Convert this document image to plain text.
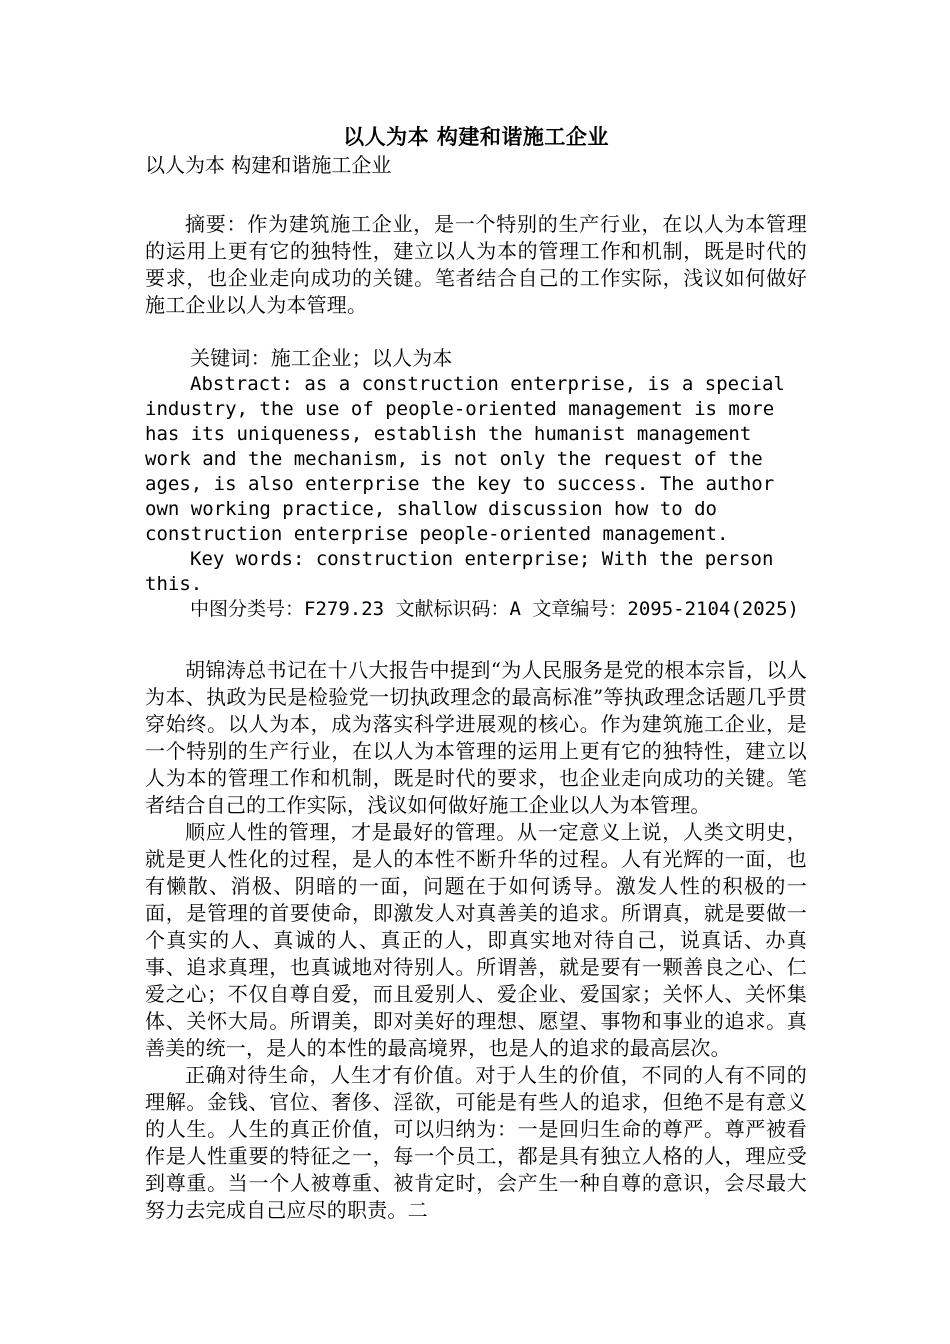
以人为本 构建和谐施工企业

以人为本 构建和谐施工企业

摘要：作为建筑施工企业，是一个特别的生产行业，在以人为本管理的运用上更有它的独特性，建立以人为本的管理工作和机制，既是时代的要求，也企业走向成功的关键。笔者结合自己的工作实际，浅议如何做好施工企业以人为本管理。

关键词：施工企业；以人为本

Abstract: as a construction enterprise, is a special industry, the use of people-oriented management is more has its uniqueness, establish the humanist management work and the mechanism, is not only the request of the ages, is also enterprise the key to success. The author own working practice, shallow discussion how to do construction enterprise people-oriented management.

Key words: construction enterprise; With the person this.

中图分类号：F279.23 文献标识码：A 文章编号：2095-2104(2025)

胡锦涛总书记在十八大报告中提到“为人民服务是党的根本宗旨，以人为本、执政为民是检验党一切执政理念的最高标准”等执政理念话题几乎贯穿始终。以人为本，成为落实科学进展观的核心。作为建筑施工企业，是一个特别的生产行业，在以人为本管理的运用上更有它的独特性，建立以人为本的管理工作和机制，既是时代的要求，也企业走向成功的关键。笔者结合自己的工作实际，浅议如何做好施工企业以人为本管理。

顺应人性的管理，才是最好的管理。从一定意义上说，人类文明史，就是更人性化的过程，是人的本性不断升华的过程。人有光辉的一面，也有懒散、消极、阴暗的一面，问题在于如何诱导。激发人性的积极的一面，是管理的首要使命，即激发人对真善美的追求。所谓真，就是要做一个真实的人、真诚的人、真正的人，即真实地对待自己，说真话、办真事、追求真理，也真诚地对待别人。所谓善，就是要有一颗善良之心、仁爱之心；不仅自尊自爱，而且爱别人、爱企业、爱国家；关怀人、关怀集体、关怀大局。所谓美，即对美好的理想、愿望、事物和事业的追求。真善美的统一，是人的本性的最高境界，也是人的追求的最高层次。

正确对待生命，人生才有价值。对于人生的价值，不同的人有不同的理解。金钱、官位、奢侈、淫欲，可能是有些人的追求，但绝不是有意义的人生。人生的真正价值，可以归纳为：一是回归生命的尊严。尊严被看作是人性重要的特征之一，每一个员工，都是具有独立人格的人，理应受到尊重。当一个人被尊重、被肯定时，会产生一种自尊的意识，会尽最大努力去完成自己应尽的职责。二
